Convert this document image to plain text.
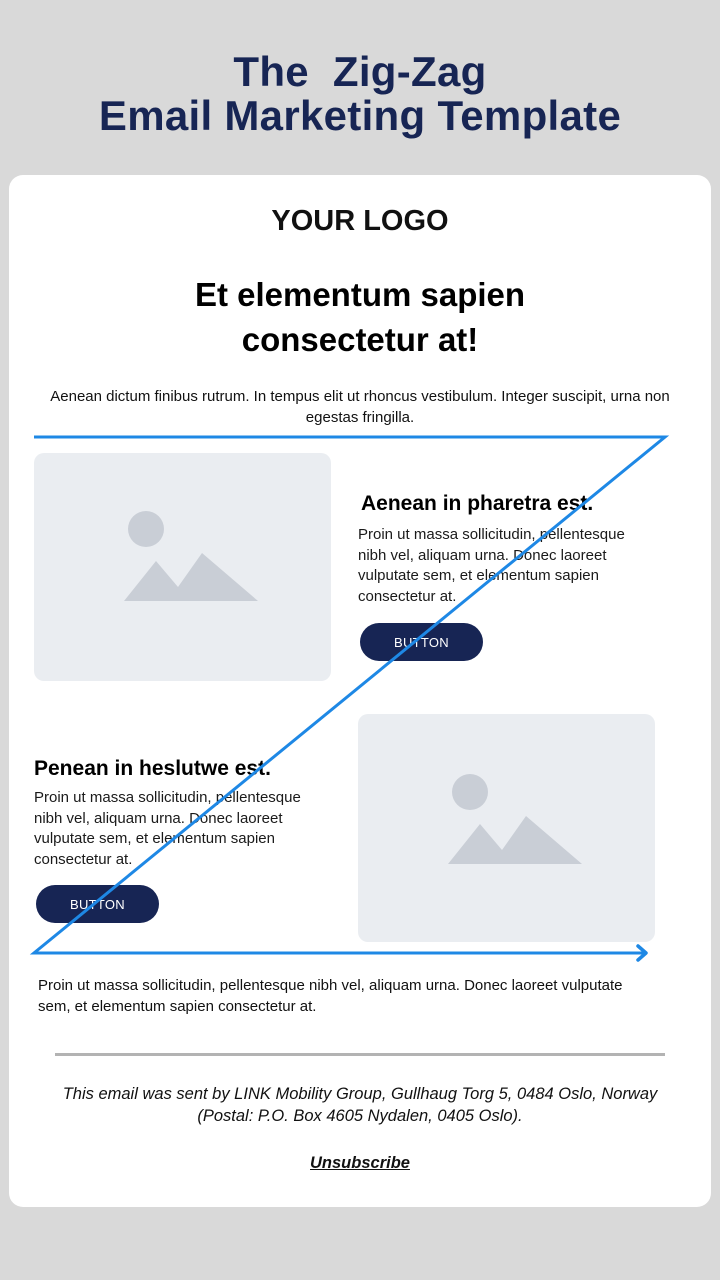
The  Zig-Zag
Email Marketing Template
YOUR LOGO
Et elementum sapien
consectetur at!
Aenean dictum finibus rutrum. In tempus elit ut rhoncus vestibulum. Integer suscipit, urna non egestas fringilla.
Aenean in pharetra est.
Proin ut massa sollicitudin, pellentesque nibh vel, aliquam urna. Donec laoreet vulputate sem, et elementum sapien consectetur at.
BUTTON
Penean in heslutwe est.
Proin ut massa sollicitudin, pellentesque nibh vel, aliquam urna. Donec laoreet vulputate sem, et elementum sapien consectetur at.
BUTTON
Proin ut massa sollicitudin, pellentesque nibh vel, aliquam urna. Donec laoreet vulputate sem, et elementum sapien consectetur at.
This email was sent by LINK Mobility Group, Gullhaug Torg 5, 0484 Oslo, Norway (Postal: P.O. Box 4605 Nydalen, 0405 Oslo).
Unsubscribe
